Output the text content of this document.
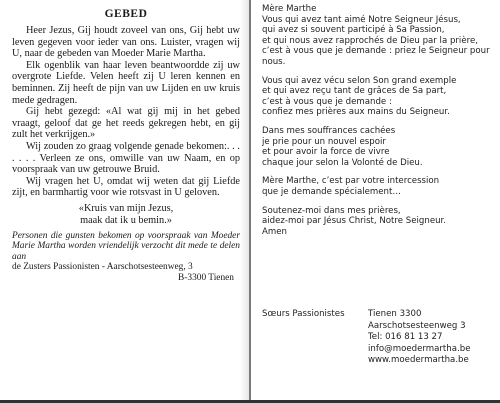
GEBED

Heer Jezus, Gij houdt zoveel van ons, Gij hebt uw leven gegeven voor ieder van ons. Luister, vragen wij U, naar de gebeden van Moeder Marie Martha.

Elk ogenblik van haar leven beantwoordde zij uw overgrote Liefde. Velen heeft zij U leren kennen en beminnen. Zij heeft de pijn van uw Lijden en uw kruis mede gedragen.

Gij hebt gezegd: «Al wat gij mij in het gebed vraagt, geloof dat ge het reeds gekregen hebt, en gij zult het verkrijgen.»

Wij zouden zo graag volgende genade bekomen:. . . . . . . Verleen ze ons, omwille van uw Naam, en op voorspraak van uw getrouwe Bruid.

Wij vragen het U, omdat wij weten dat gij Liefde zijt, en barmhartig voor wie rotsvast in U geloven.

«Kruis van mijn Jezus,
maak dat ik u bemin.»

Personen die gunsten bekomen op voorspraak van Moeder Marie Martha worden vriendelijk verzocht dit mede te delen aan

de Zusters Passionisten - Aarschotsesteenweg, 3

B-3300 Tienen

Mère Marthe
Vous qui avez tant aimé Notre Seigneur Jésus,
qui avez si souvent participé à Sa Passion,
et qui nous avez rapprochés de Dieu par la prière,
c’est à vous que je demande : priez le Seigneur pour nous.

Vous qui avez vécu selon Son grand exemple
et qui avez reçu tant de grâces de Sa part,
c’est à vous que je demande :
confiez mes prières aux mains du Seigneur.

Dans mes souffrances cachées
je prie pour un nouvel espoir
et pour avoir la force de vivre
chaque jour selon la Volonté de Dieu.

Mère Marthe, c’est par votre intercession
que je demande spécialement…

Soutenez-moi dans mes prières,
aidez-moi par Jésus Christ, Notre Seigneur.
Amen

Sœurs Passionistes	Tienen 3300
Aarschotsesteenweg 3
Tel: 016 81 13 27
info@moedermartha.be
www.moedermartha.be
